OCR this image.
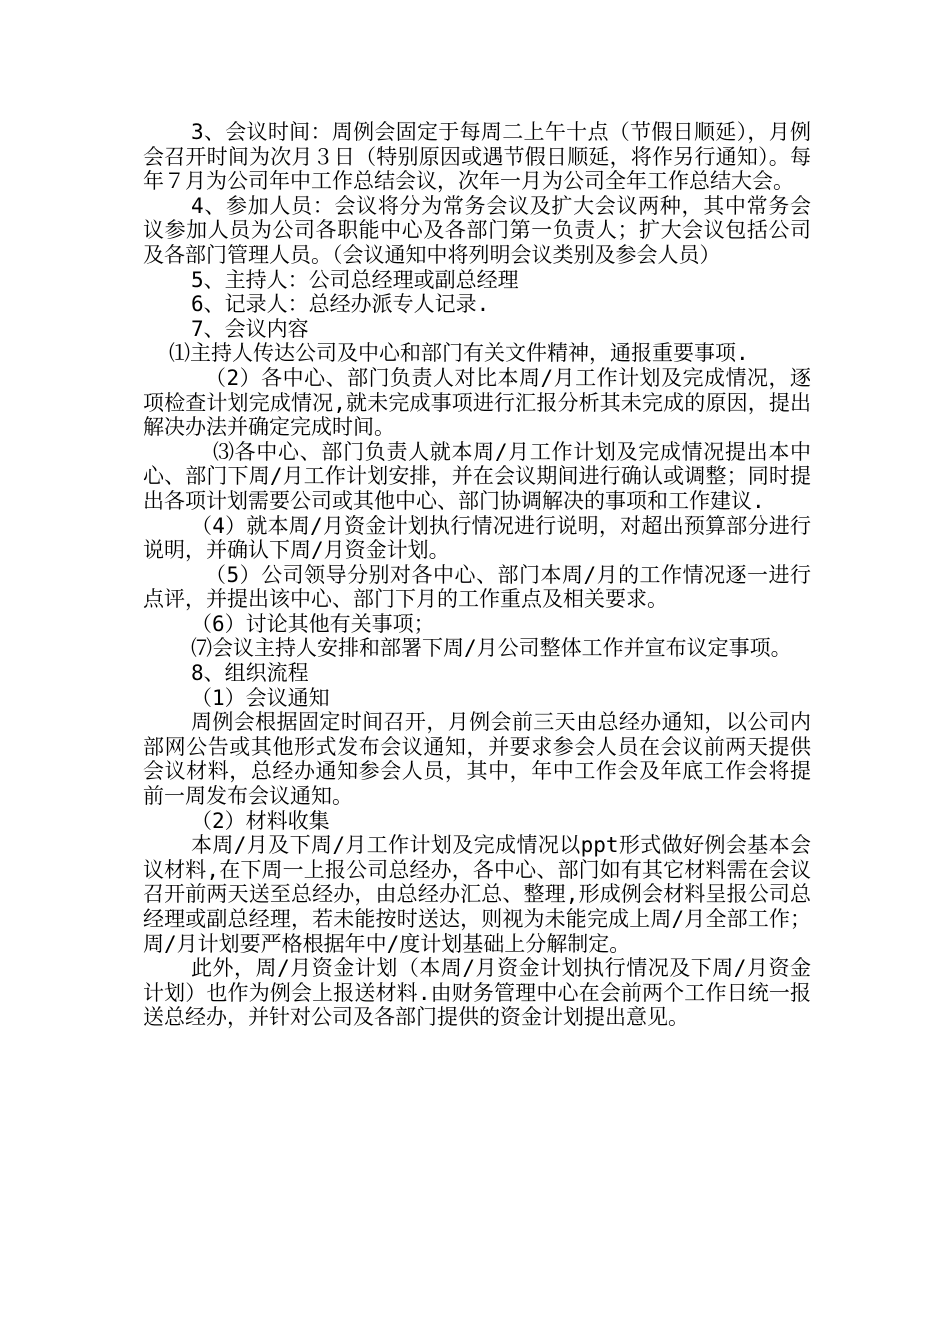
3、会议时间：周例会固定于每周二上午十点（节假日顺延），月例会召开时间为次月３日（特别原因或遇节假日顺延，将作另行通知）。每年７月为公司年中工作总结会议，次年一月为公司全年工作总结大会。

4、参加人员：会议将分为常务会议及扩大会议两种，其中常务会议参加人员为公司各职能中心及各部门第一负责人；扩大会议包括公司及各部门管理人员。（会议通知中将列明会议类别及参会人员）

5、主持人：公司总经理或副总经理

6、记录人：总经办派专人记录.

7、会议内容

⑴主持人传达公司及中心和部门有关文件精神，通报重要事项.

（2）各中心、部门负责人对比本周/月工作计划及完成情况，逐项检查计划完成情况,就未完成事项进行汇报分析其未完成的原因，提出解决办法并确定完成时间。

⑶各中心、部门负责人就本周/月工作计划及完成情况提出本中心、部门下周/月工作计划安排，并在会议期间进行确认或调整；同时提出各项计划需要公司或其他中心、部门协调解决的事项和工作建议.

（4）就本周/月资金计划执行情况进行说明，对超出预算部分进行说明，并确认下周/月资金计划。

（5）公司领导分别对各中心、部门本周/月的工作情况逐一进行点评，并提出该中心、部门下月的工作重点及相关要求。

（6）讨论其他有关事项；

⑺会议主持人安排和部署下周/月公司整体工作并宣布议定事项。

8、组织流程

（1）会议通知

周例会根据固定时间召开，月例会前三天由总经办通知，以公司内部网公告或其他形式发布会议通知，并要求参会人员在会议前两天提供会议材料，总经办通知参会人员，其中，年中工作会及年底工作会将提前一周发布会议通知。

（2）材料收集

本周/月及下周/月工作计划及完成情况以ppt形式做好例会基本会议材料,在下周一上报公司总经办，各中心、部门如有其它材料需在会议召开前两天送至总经办，由总经办汇总、整理,形成例会材料呈报公司总经理或副总经理，若未能按时送达，则视为未能完成上周/月全部工作；周/月计划要严格根据年中/度计划基础上分解制定。

此外，周/月资金计划（本周/月资金计划执行情况及下周/月资金计划）也作为例会上报送材料.由财务管理中心在会前两个工作日统一报送总经办，并针对公司及各部门提供的资金计划提出意见。
